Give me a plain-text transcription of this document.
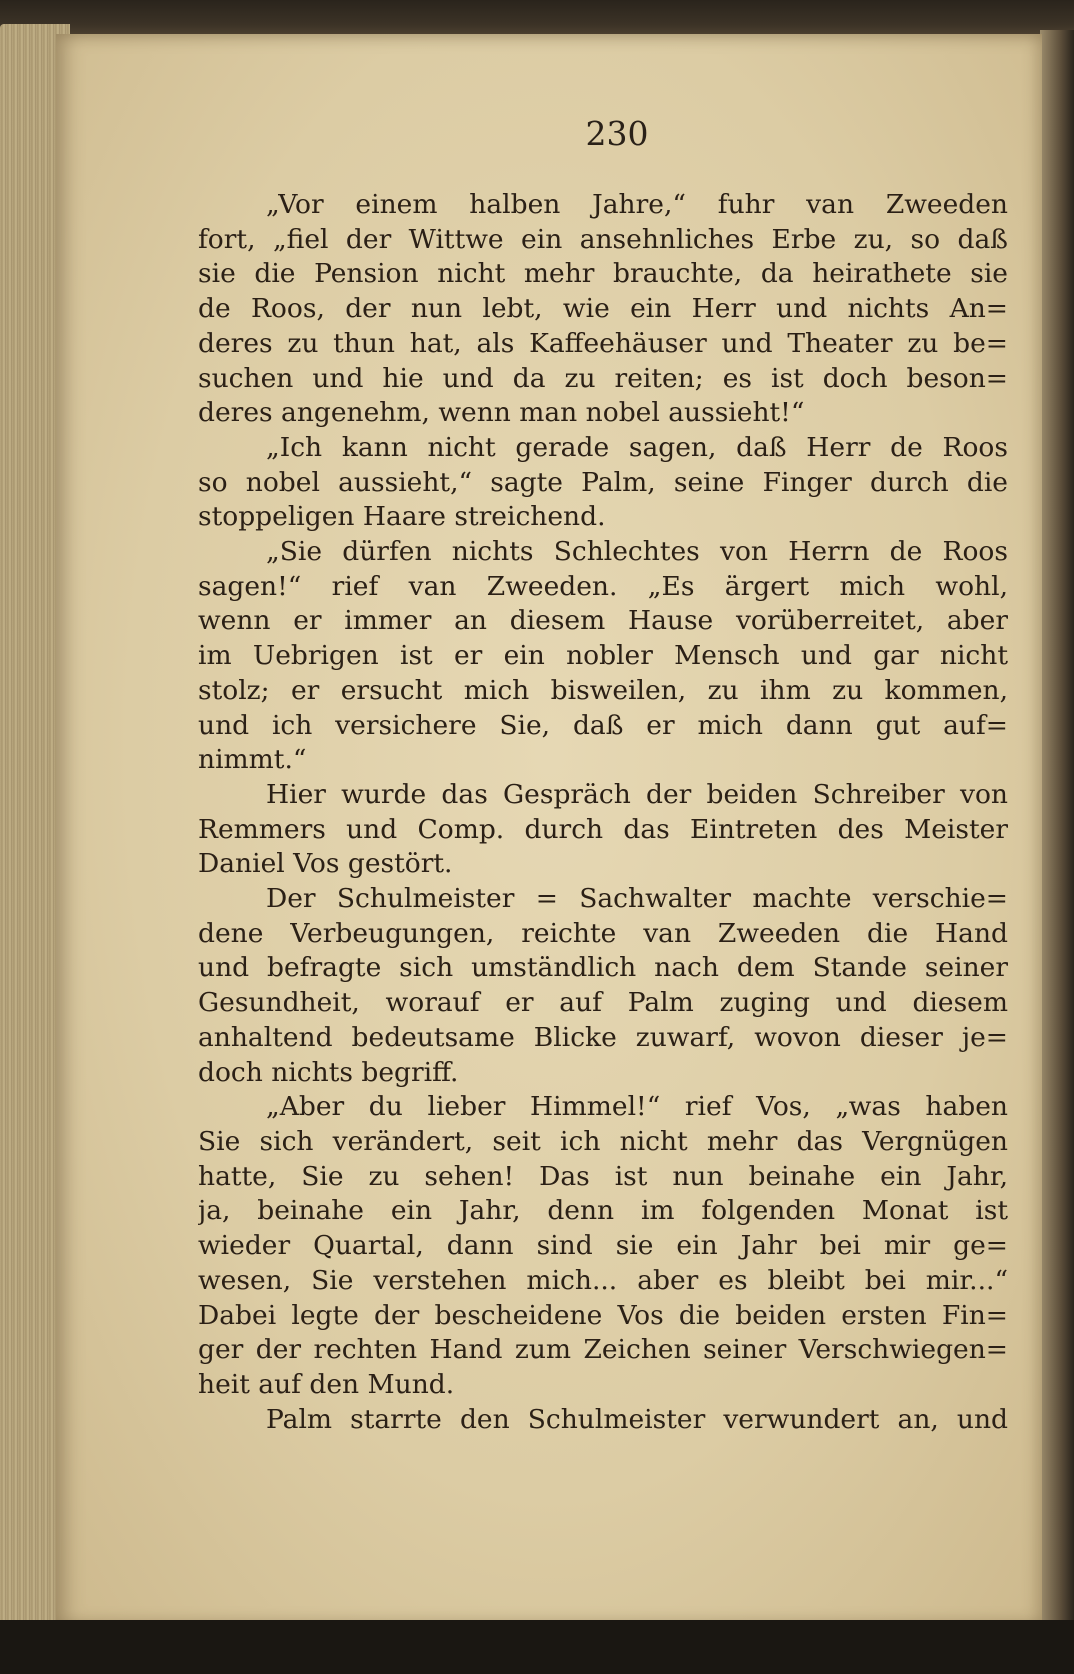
230

„Vor einem halben Jahre,“ fuhr van Zweeden
fort, „fiel der Wittwe ein ansehnliches Erbe zu, so daß
sie die Pension nicht mehr brauchte, da heirathete sie
de Roos, der nun lebt, wie ein Herr und nichts An=
deres zu thun hat, als Kaffeehäuser und Theater zu be=
suchen und hie und da zu reiten; es ist doch beson=
deres angenehm, wenn man nobel aussieht!“
„Ich kann nicht gerade sagen, daß Herr de Roos
so nobel aussieht,“ sagte Palm, seine Finger durch die
stoppeligen Haare streichend.
„Sie dürfen nichts Schlechtes von Herrn de Roos
sagen!“ rief van Zweeden. „Es ärgert mich wohl,
wenn er immer an diesem Hause vorüberreitet, aber
im Uebrigen ist er ein nobler Mensch und gar nicht
stolz; er ersucht mich bisweilen, zu ihm zu kommen,
und ich versichere Sie, daß er mich dann gut auf=
nimmt.“
Hier wurde das Gespräch der beiden Schreiber von
Remmers und Comp. durch das Eintreten des Meister
Daniel Vos gestört.
Der Schulmeister = Sachwalter machte verschie=
dene Verbeugungen, reichte van Zweeden die Hand
und befragte sich umständlich nach dem Stande seiner
Gesundheit, worauf er auf Palm zuging und diesem
anhaltend bedeutsame Blicke zuwarf, wovon dieser je=
doch nichts begriff.
„Aber du lieber Himmel!“ rief Vos, „was haben
Sie sich verändert, seit ich nicht mehr das Vergnügen
hatte, Sie zu sehen! Das ist nun beinahe ein Jahr,
ja, beinahe ein Jahr, denn im folgenden Monat ist
wieder Quartal, dann sind sie ein Jahr bei mir ge=
wesen, Sie verstehen mich... aber es bleibt bei mir...“
Dabei legte der bescheidene Vos die beiden ersten Fin=
ger der rechten Hand zum Zeichen seiner Verschwiegen=
heit auf den Mund.
Palm starrte den Schulmeister verwundert an, und
